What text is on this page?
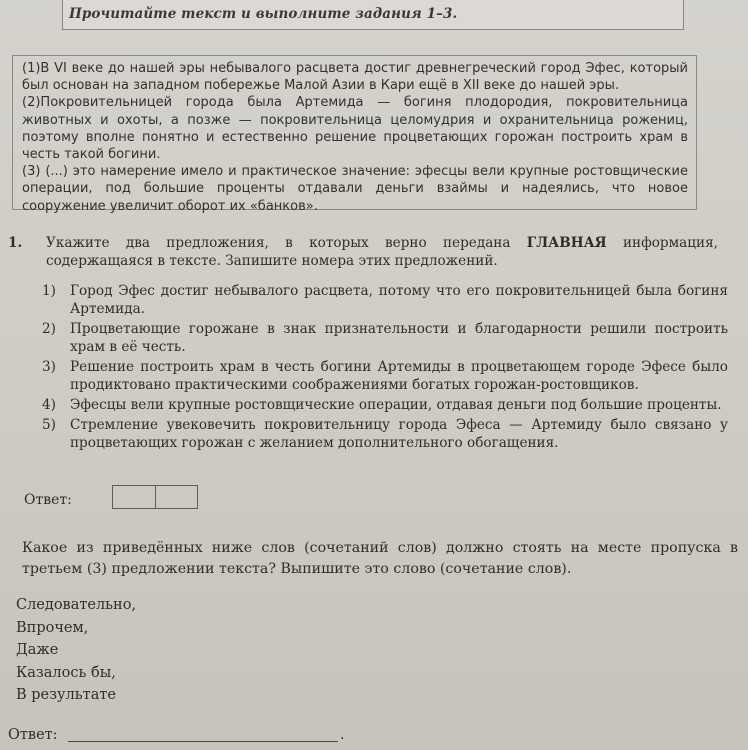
Прочитайте текст и выполните задания 1–3.

(1)В VI веке до нашей эры небывалого расцвета достиг древнегреческий город Эфес, который был основан на западном побережье Малой Азии в Кари ещё в XII веке до нашей эры.

(2)Покровительницей города была Артемида — богиня плодородия, покровительница животных и охоты, а позже — покровительница целомудрия и охранительница рожениц, поэтому вполне понятно и естественно решение процветающих горожан построить храм в честь такой богини.

(3) (...) это намерение имело и практическое значение: эфесцы вели крупные ростовщические операции, под большие проценты отдавали деньги взаймы и надеялись, что новое сооружение увеличит оборот их «банков».

1. Укажите два предложения, в которых верно передана ГЛАВНАЯ информация, содержащаяся в тексте. Запишите номера этих предложений.
1) Город Эфес достиг небывалого расцвета, потому что его покровительницей была богиня Артемида.
2) Процветающие горожане в знак признательности и благодарности решили построить храм в её честь.
3) Решение построить храм в честь богини Артемиды в процветающем городе Эфесе было продиктовано практическими соображениями богатых горожан-ростовщиков.
4) Эфесцы вели крупные ростовщические операции, отдавая деньги под большие проценты.
5) Стремление увековечить покровительницу города Эфеса — Артемиду было связано у процветающих горожан с желанием дополнительного обогащения.
Ответ:
Какое из приведённых ниже слов (сочетаний слов) должно стоять на месте пропуска в третьем (3) предложении текста? Выпишите это слово (сочетание слов).
Следовательно,
Впрочем,
Даже
Казалось бы,
В результате
Ответ:	.
